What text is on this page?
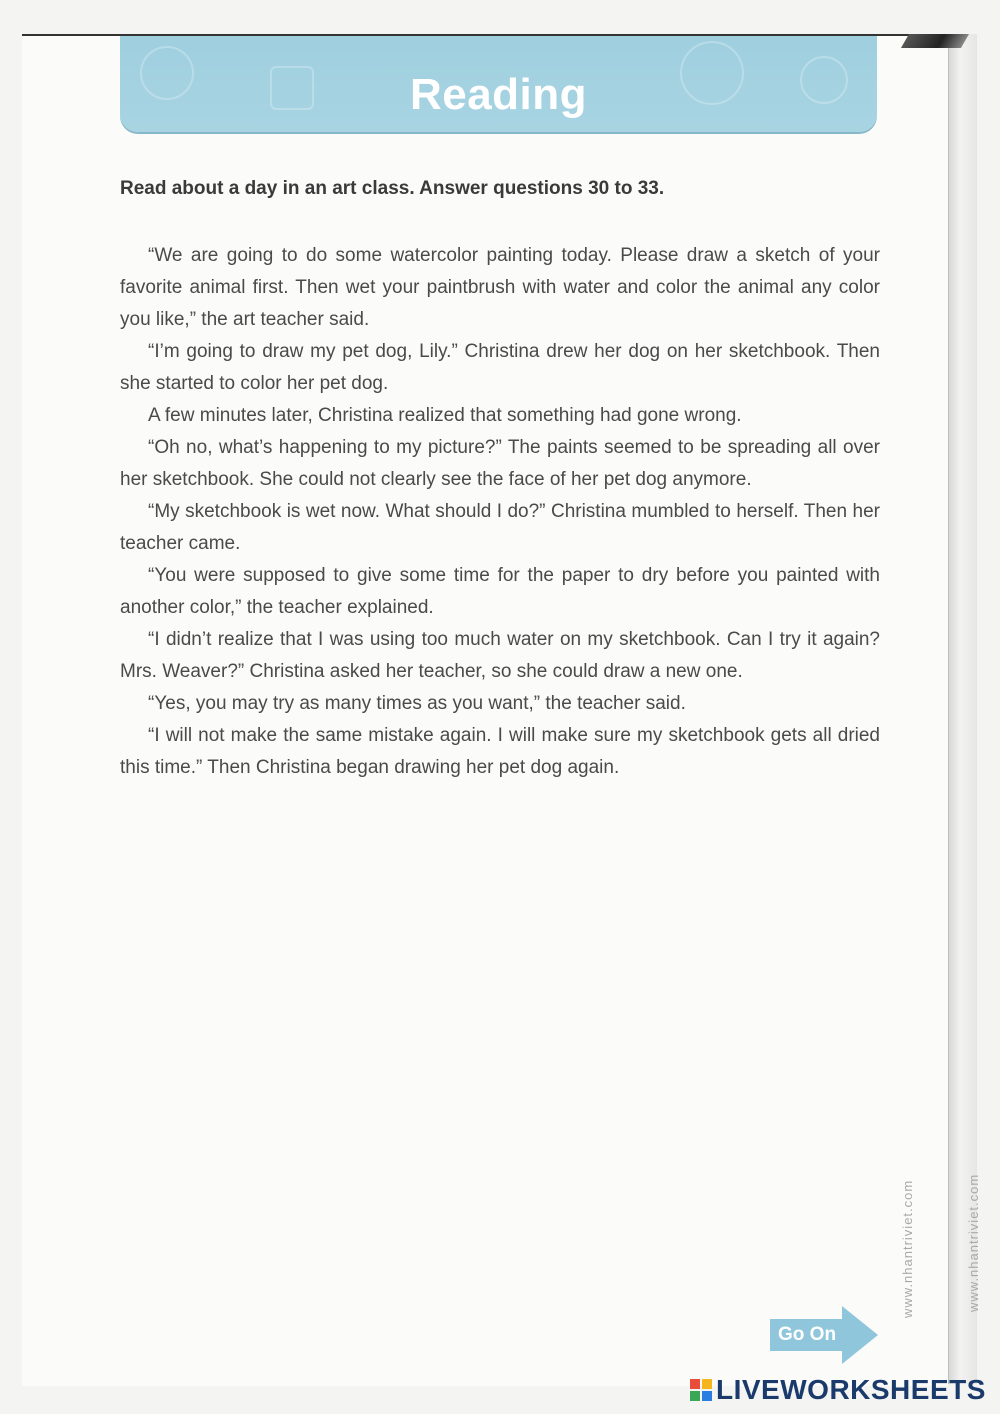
Reading
Read about a day in an art class. Answer questions 30 to 33.

“We are going to do some watercolor painting today. Please draw a sketch of your favorite animal first. Then wet your paintbrush with water and color the animal any color you like,” the art teacher said.

“I’m going to draw my pet dog, Lily.” Christina drew her dog on her sketchbook. Then she started to color her pet dog.

A few minutes later, Christina realized that something had gone wrong.

“Oh no, what’s happening to my picture?” The paints seemed to be spreading all over her sketchbook. She could not clearly see the face of her pet dog anymore.

“My sketchbook is wet now. What should I do?” Christina mumbled to herself. Then her teacher came.

“You were supposed to give some time for the paper to dry before you painted with another color,” the teacher explained.

“I didn’t realize that I was using too much water on my sketchbook. Can I try it again? Mrs. Weaver?” Christina asked her teacher, so she could draw a new one.

“Yes, you may try as many times as you want,” the teacher said.

“I will not make the same mistake again. I will make sure my sketchbook gets all dried this time.” Then Christina began drawing her pet dog again.

www.nhantriviet.com	www.nhantriviet.com
Go On
LIVEWORKSHEETS
